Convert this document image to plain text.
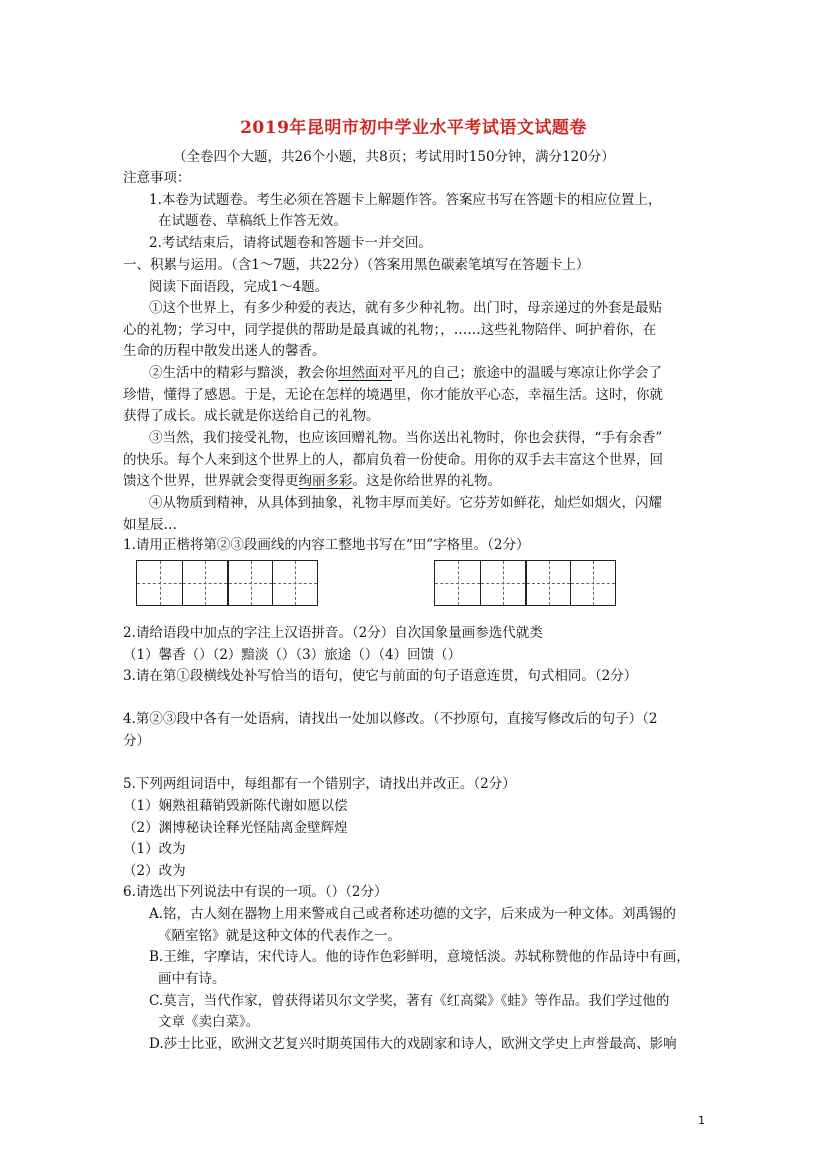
2019年昆明市初中学业水平考试语文试题卷
（全卷四个大题，共26个小题，共8页；考试用时150分钟，满分120分）
注意事项：
1.本卷为试题卷。考生必须在答题卡上解题作答。答案应书写在答题卡的相应位置上，
在试题卷、草稿纸上作答无效。
2.考试结束后，请将试题卷和答题卡一并交回。
一、积累与运用。（含1～7题，共22分）（答案用黑色碳素笔填写在答题卡上）
阅读下面语段，完成1～4题。
①这个世界上，有多少种爱的表达，就有多少种礼物。出门时，母亲递过的外套是最贴
心的礼物；学习中，同学提供的帮助是最真诚的礼物；，……这些礼物陪伴、呵护着你，在
生命的历程中散发出迷人的馨香。
②生活中的精彩与黯淡，教会你坦然面对平凡的自己；旅途中的温暖与寒凉让你学会了
珍惜，懂得了感恩。于是，无论在怎样的境遇里，你才能放平心态，幸福生活。这时，你就
获得了成长。成长就是你送给自己的礼物。
③当然，我们接受礼物，也应该回赠礼物。当你送出礼物时，你也会获得，“手有余香”
的快乐。每个人来到这个世界上的人，都肩负着一份使命。用你的双手去丰富这个世界，回
馈这个世界，世界就会变得更绚丽多彩。这是你给世界的礼物。
④从物质到精神，从具体到抽象，礼物丰厚而美好。它芬芳如鲜花，灿烂如烟火，闪耀
如星辰…
1.请用正楷将第②③段画线的内容工整地书写在“田”字格里。（2分）
2.请给语段中加点的字注上汉语拼音。（2分）自次国象量画参选代就类
（1）馨香（）（2）黯淡（）（3）旅途（）（4）回馈（）
3.请在第①段横线处补写恰当的语句，使它与前面的句子语意连贯，句式相同。（2分）
4.第②③段中各有一处语病，请找出一处加以修改。（不抄原句，直接写修改后的句子）（2
分）
5.下列两组词语中，每组都有一个错别字，请找出并改正。（2分）
（1）娴熟祖藉销毁新陈代谢如愿以偿
（2）渊博秘诀诠释光怪陆离金壁辉煌
（1）改为
（2）改为
6.请选出下列说法中有误的一项。（）（2分）
A.铭，古人刻在器物上用来警戒自己或者称述功德的文字，后来成为一种文体。刘禹锡的
《陋室铭》就是这种文体的代表作之一。
B.王维，字摩诘，宋代诗人。他的诗作色彩鲜明，意境恬淡。苏轼称赞他的作品诗中有画，
画中有诗。
C.莫言，当代作家，曾获得诺贝尔文学奖，著有《红高粱》《蛙》等作品。我们学过他的
文章《卖白菜》。
D.莎士比亚，欧洲文艺复兴时期英国伟大的戏剧家和诗人，欧洲文学史上声誉最高、影响
1
